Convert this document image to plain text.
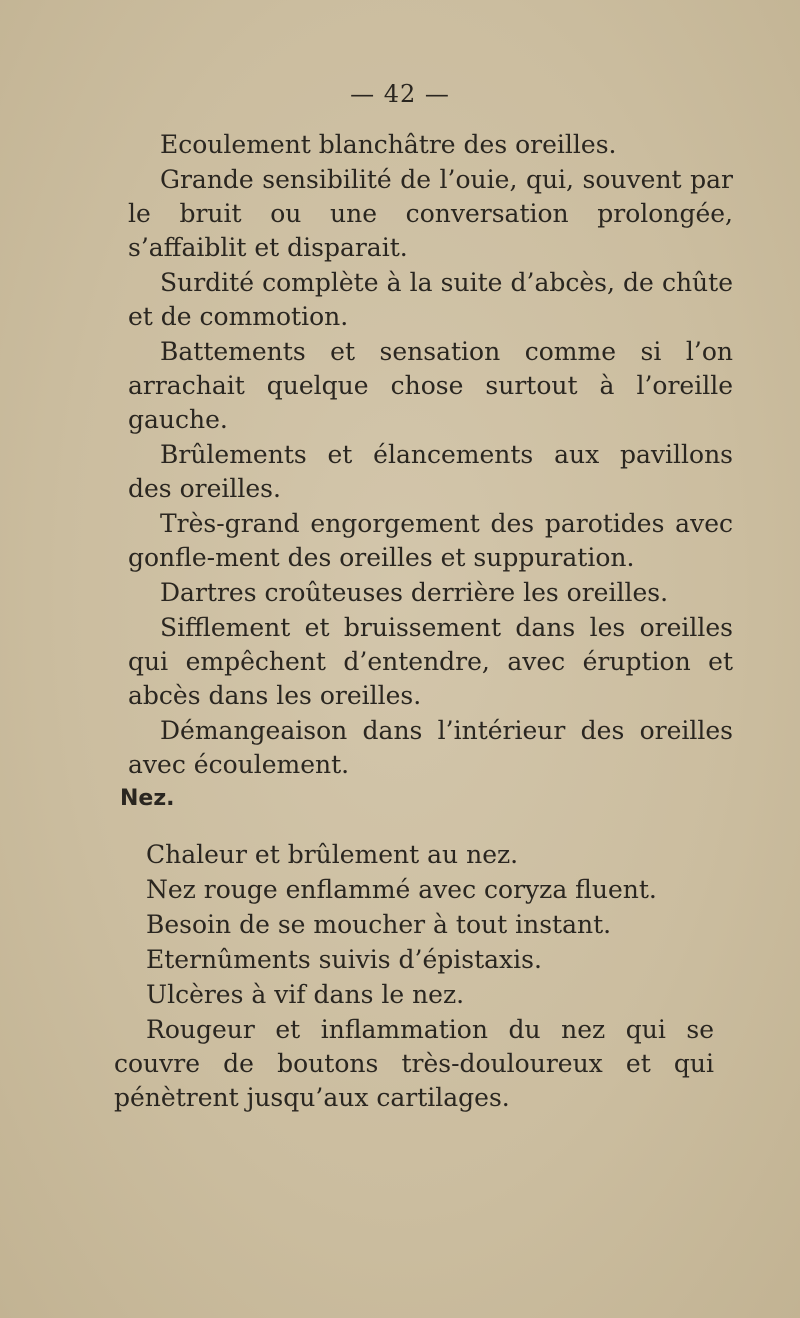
— 42 —

Ecoulement blanchâtre des oreilles.

Grande sensibilité de l’ouie, qui, souvent par le bruit ou une conversation prolongée, s’affaiblit et disparait.

Surdité complète à la suite d’abcès, de chûte et de commotion.

Battements et sensation comme si l’on arrachait quelque chose surtout à l’oreille gauche.

Brûlements et élancements aux pavillons des oreilles.

Très-grand engorgement des parotides avec gonfle-ment des oreilles et suppuration.

Dartres croûteuses derrière les oreilles.

Sifflement et bruissement dans les oreilles qui empêchent d’entendre, avec éruption et abcès dans les oreilles.

Démangeaison dans l’intérieur des oreilles avec écoulement.

Nez.

Chaleur et brûlement au nez.

Nez rouge enflammé avec coryza fluent.

Besoin de se moucher à tout instant.

Eternûments suivis d’épistaxis.

Ulcères à vif dans le nez.

Rougeur et inflammation du nez qui se couvre de boutons très-douloureux et qui pénètrent jusqu’aux cartilages.
